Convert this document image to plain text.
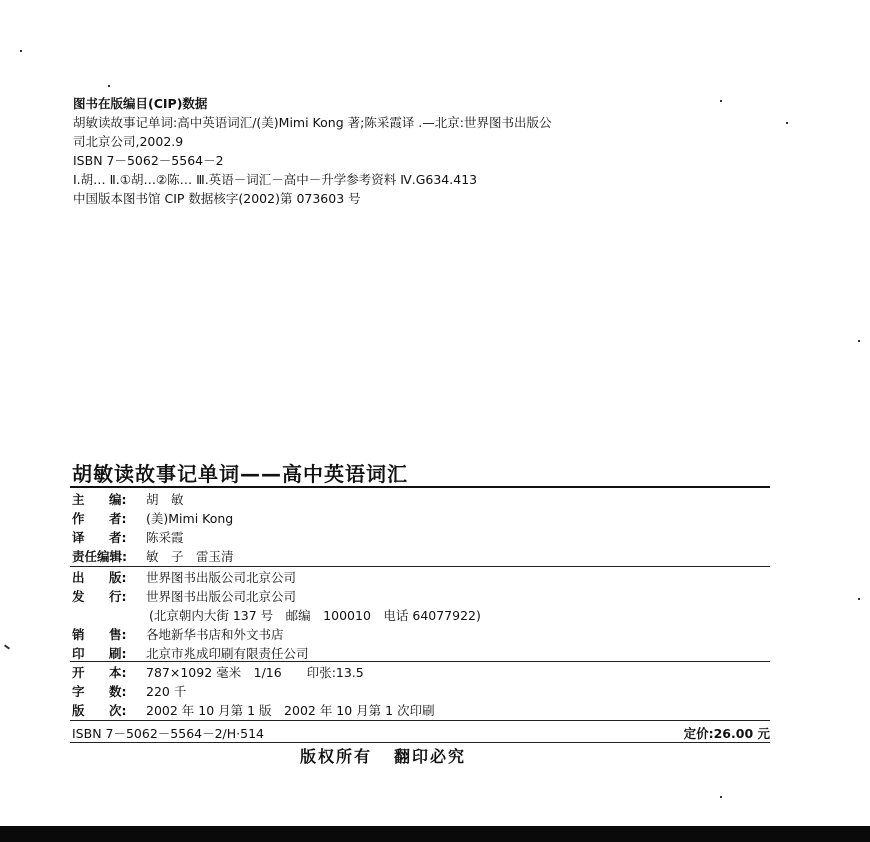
图书在版编目(CIP)数据
胡敏读故事记单词:高中英语词汇/(美)Mimi Kong 著;陈采霞译 .—北京:世界图书出版公
司北京公司,2002.9
ISBN 7－5062－5564－2
Ⅰ.胡… Ⅱ.①胡…②陈… Ⅲ.英语－词汇－高中－升学参考资料 Ⅳ.G634.413
中国版本图书馆 CIP 数据核字(2002)第 073603 号
胡敏读故事记单词——高中英语词汇
主 编:	胡　敏
作 者:	(美)Mimi Kong
译 者:	陈采霞
责任编辑:	敏　子　雷玉清
出 版:	世界图书出版公司北京公司
发 行:	世界图书出版公司北京公司
(北京朝内大街 137 号　邮编　100010　电话 64077922)
销 售:	各地新华书店和外文书店
印 刷:	北京市兆成印刷有限责任公司
开 本:	787×1092 毫米　1/16　　印张:13.5
字 数:	220 千
版 次:	2002 年 10 月第 1 版　2002 年 10 月第 1 次印刷
ISBN 7－5062－5564－2/H·514	定价:26.00 元
版权所有 翻印必究
